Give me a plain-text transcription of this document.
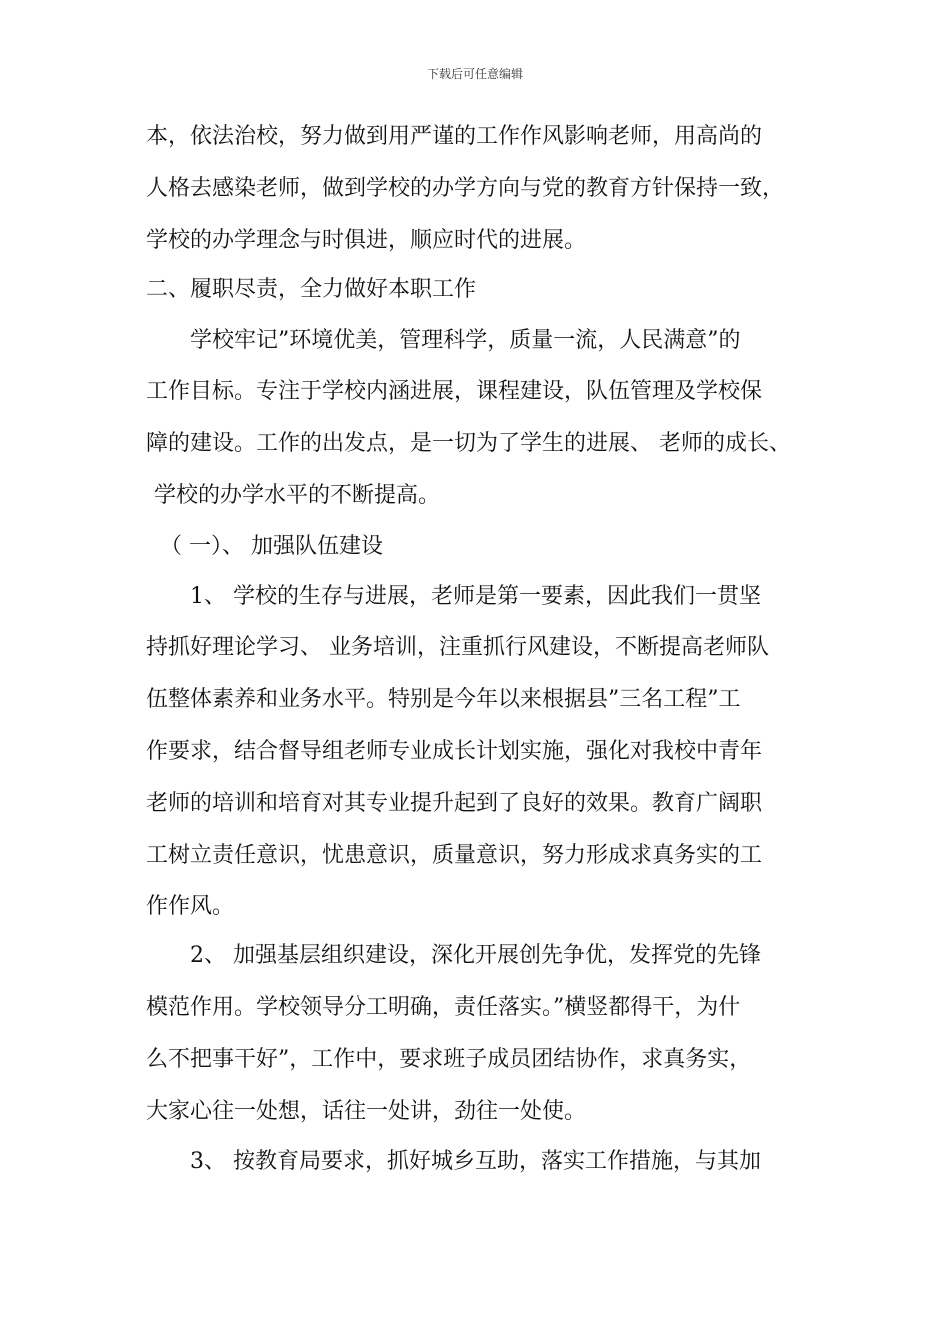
下载后可任意编辑
本，依法治校，努力做到用严谨的工作作风影响老师，用高尚的
人格去感染老师，做到学校的办学方向与党的教育方针保持一致，
学校的办学理念与时俱进，顺应时代的进展。
二、履职尽责，全力做好本职工作
学校牢记”环境优美，管理科学，质量一流，人民满意”的
工作目标。专注于学校内涵进展，课程建设，队伍管理及学校保
障的建设。工作的出发点，是一切为了学生的进展、 老师的成长、
学校的办学水平的不断提高。
（ 一）、 加强队伍建设
1、 学校的生存与进展，老师是第一要素，因此我们一贯坚
持抓好理论学习、 业务培训，注重抓行风建设，不断提高老师队
伍整体素养和业务水平。特别是今年以来根据县”三名工程”工
作要求，结合督导组老师专业成长计划实施，强化对我校中青年
老师的培训和培育对其专业提升起到了良好的效果。教育广阔职
工树立责任意识，忧患意识，质量意识，努力形成求真务实的工
作作风。
2、 加强基层组织建设，深化开展创先争优，发挥党的先锋
模范作用。学校领导分工明确，责任落实。”横竖都得干，为什
么不把事干好”，工作中，要求班子成员团结协作，求真务实，
大家心往一处想，话往一处讲，劲往一处使。
3、 按教育局要求，抓好城乡互助，落实工作措施，与其加
